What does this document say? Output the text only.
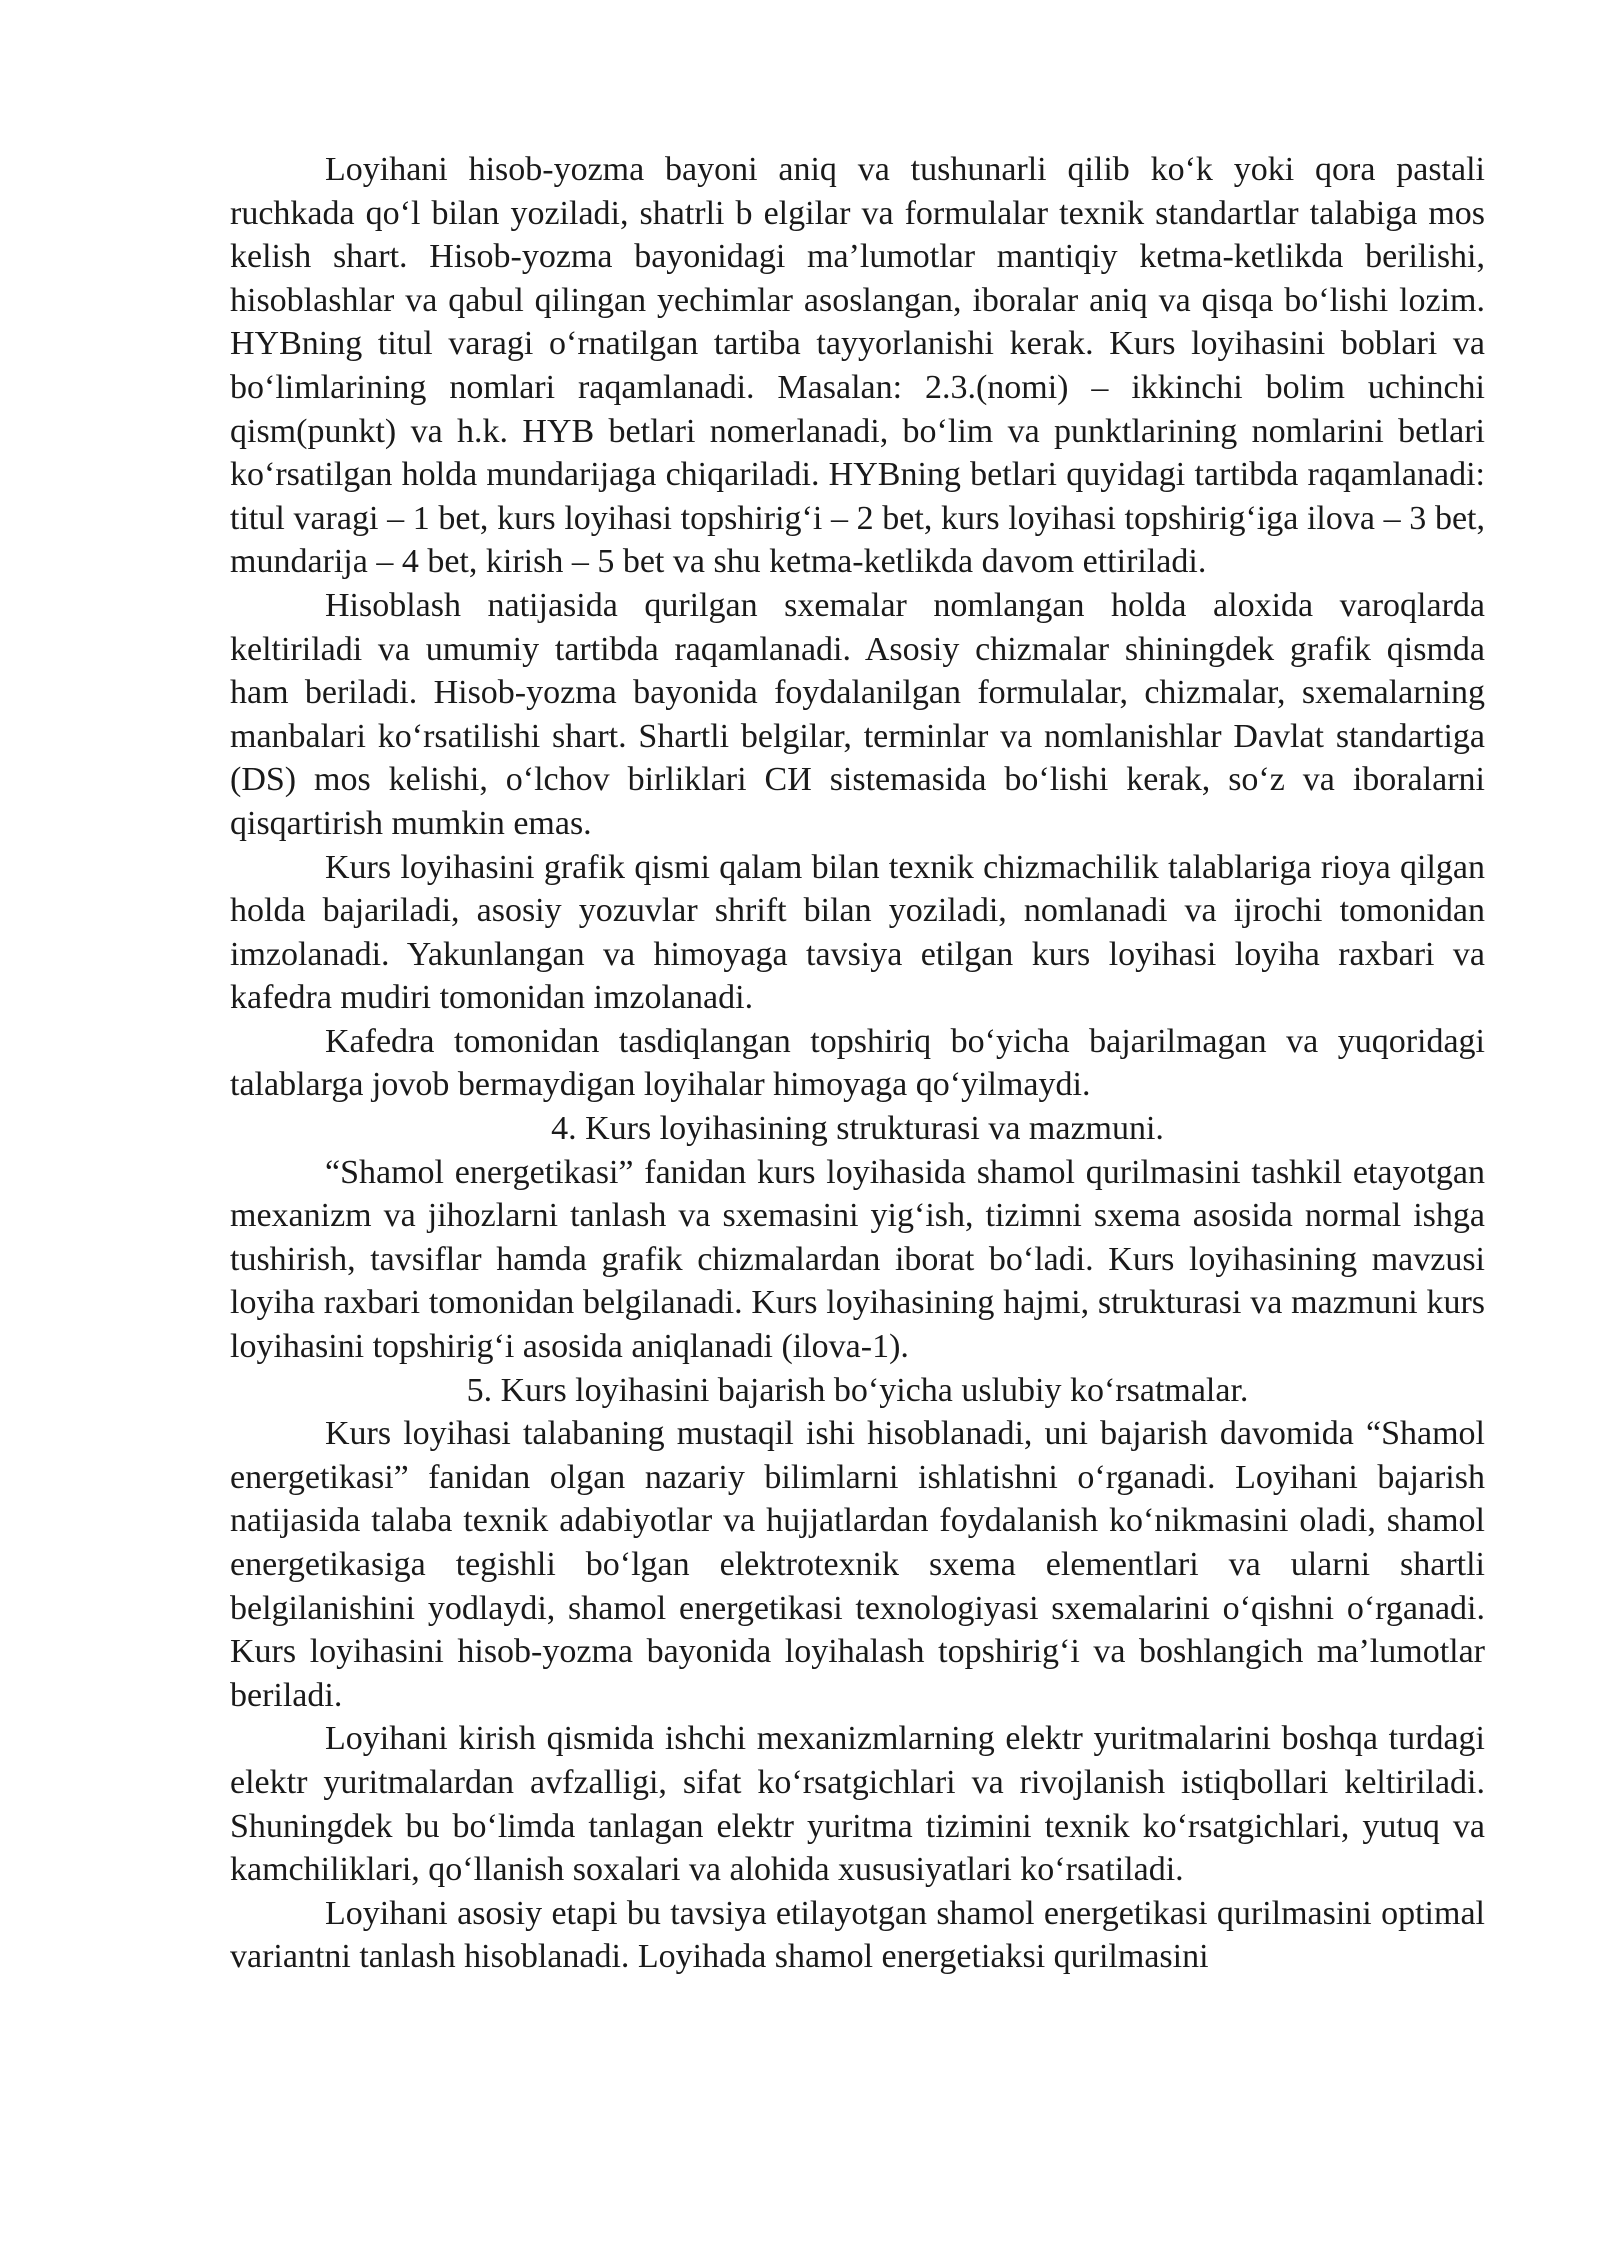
Loyihani hisob-yozma bayoni aniq va tushunarli qilib ko‘k yoki qora pastali ruchkada qo‘l bilan yoziladi, shatrli b elgilar va formulalar texnik standartlar talabiga mos kelish shart. Hisob-yozma bayonidagi ma’lumotlar mantiqiy ketma-ketlikda berilishi, hisoblashlar va qabul qilingan yechimlar asoslangan, iboralar aniq va qisqa bo‘lishi lozim. HYBning titul varagi o‘rnatilgan tartiba tayyorlanishi kerak. Kurs loyihasini boblari va bo‘limlarining nomlari raqamlanadi. Masalan: 2.3.(nomi) – ikkinchi bolim uchinchi qism(punkt) va h.k. HYB betlari nomerlanadi, bo‘lim va punktlarining nomlarini betlari ko‘rsatilgan holda mundarijaga chiqariladi. HYBning betlari quyidagi tartibda raqamlanadi: titul varagi – 1 bet, kurs loyihasi topshirig‘i – 2 bet, kurs loyihasi topshirig‘iga ilova – 3 bet, mundarija – 4 bet, kirish – 5 bet va shu ketma-ketlikda davom ettiriladi.

Hisoblash natijasida qurilgan sxemalar nomlangan holda aloxida varoqlarda keltiriladi va umumiy tartibda raqamlanadi. Asosiy chizmalar shiningdek grafik qismda ham beriladi. Hisob-yozma bayonida foydalanilgan formulalar, chizmalar, sxemalarning manbalari ko‘rsatilishi shart. Shartli belgilar, terminlar va nomlanishlar Davlat standartiga (DS) mos kelishi, o‘lchov birliklari СИ sistemasida bo‘lishi kerak, so‘z va iboralarni qisqartirish mumkin emas.

Kurs loyihasini grafik qismi qalam bilan texnik chizmachilik talablariga rioya qilgan holda bajariladi, asosiy yozuvlar shrift bilan yoziladi, nomlanadi va ijrochi tomonidan imzolanadi. Yakunlangan va himoyaga tavsiya etilgan kurs loyihasi loyiha raxbari va kafedra mudiri tomonidan imzolanadi.

Kafedra tomonidan tasdiqlangan topshiriq bo‘yicha bajarilmagan va yuqoridagi talablarga jovob bermaydigan loyihalar himoyaga qo‘yilmaydi.

4. Kurs loyihasining strukturasi va mazmuni.

“Shamol energetikasi” fanidan kurs loyihasida shamol qurilmasini tashkil etayotgan mexanizm va jihozlarni tanlash va sxemasini yig‘ish, tizimni sxema asosida normal ishga tushirish, tavsiflar hamda grafik chizmalardan iborat bo‘ladi. Kurs loyihasining mavzusi loyiha raxbari tomonidan belgilanadi. Kurs loyihasining hajmi, strukturasi va mazmuni kurs loyihasini topshirig‘i asosida aniqlanadi (ilova-1).

5. Kurs loyihasini bajarish bo‘yicha uslubiy ko‘rsatmalar.

Kurs loyihasi talabaning mustaqil ishi hisoblanadi, uni bajarish davomida “Shamol energetikasi” fanidan olgan nazariy bilimlarni ishlatishni o‘rganadi. Loyihani bajarish natijasida talaba texnik adabiyotlar va hujjatlardan foydalanish ko‘nikmasini oladi, shamol energetikasiga tegishli bo‘lgan elektrotexnik sxema elementlari va ularni shartli belgilanishini yodlaydi, shamol energetikasi texnologiyasi sxemalarini o‘qishni o‘rganadi. Kurs loyihasini hisob-yozma bayonida loyihalash topshirig‘i va boshlangich ma’lumotlar beriladi.

Loyihani kirish qismida ishchi mexanizmlarning elektr yuritmalarini boshqa turdagi elektr yuritmalardan avfzalligi, sifat ko‘rsatgichlari va rivojlanish istiqbollari keltiriladi. Shuningdek bu bo‘limda tanlagan elektr yuritma tizimini texnik ko‘rsatgichlari, yutuq va kamchiliklari, qo‘llanish soxalari va alohida xususiyatlari ko‘rsatiladi.

Loyihani asosiy etapi bu tavsiya etilayotgan shamol energetikasi qurilmasini optimal variantni tanlash hisoblanadi. Loyihada shamol energetiaksi qurilmasini
